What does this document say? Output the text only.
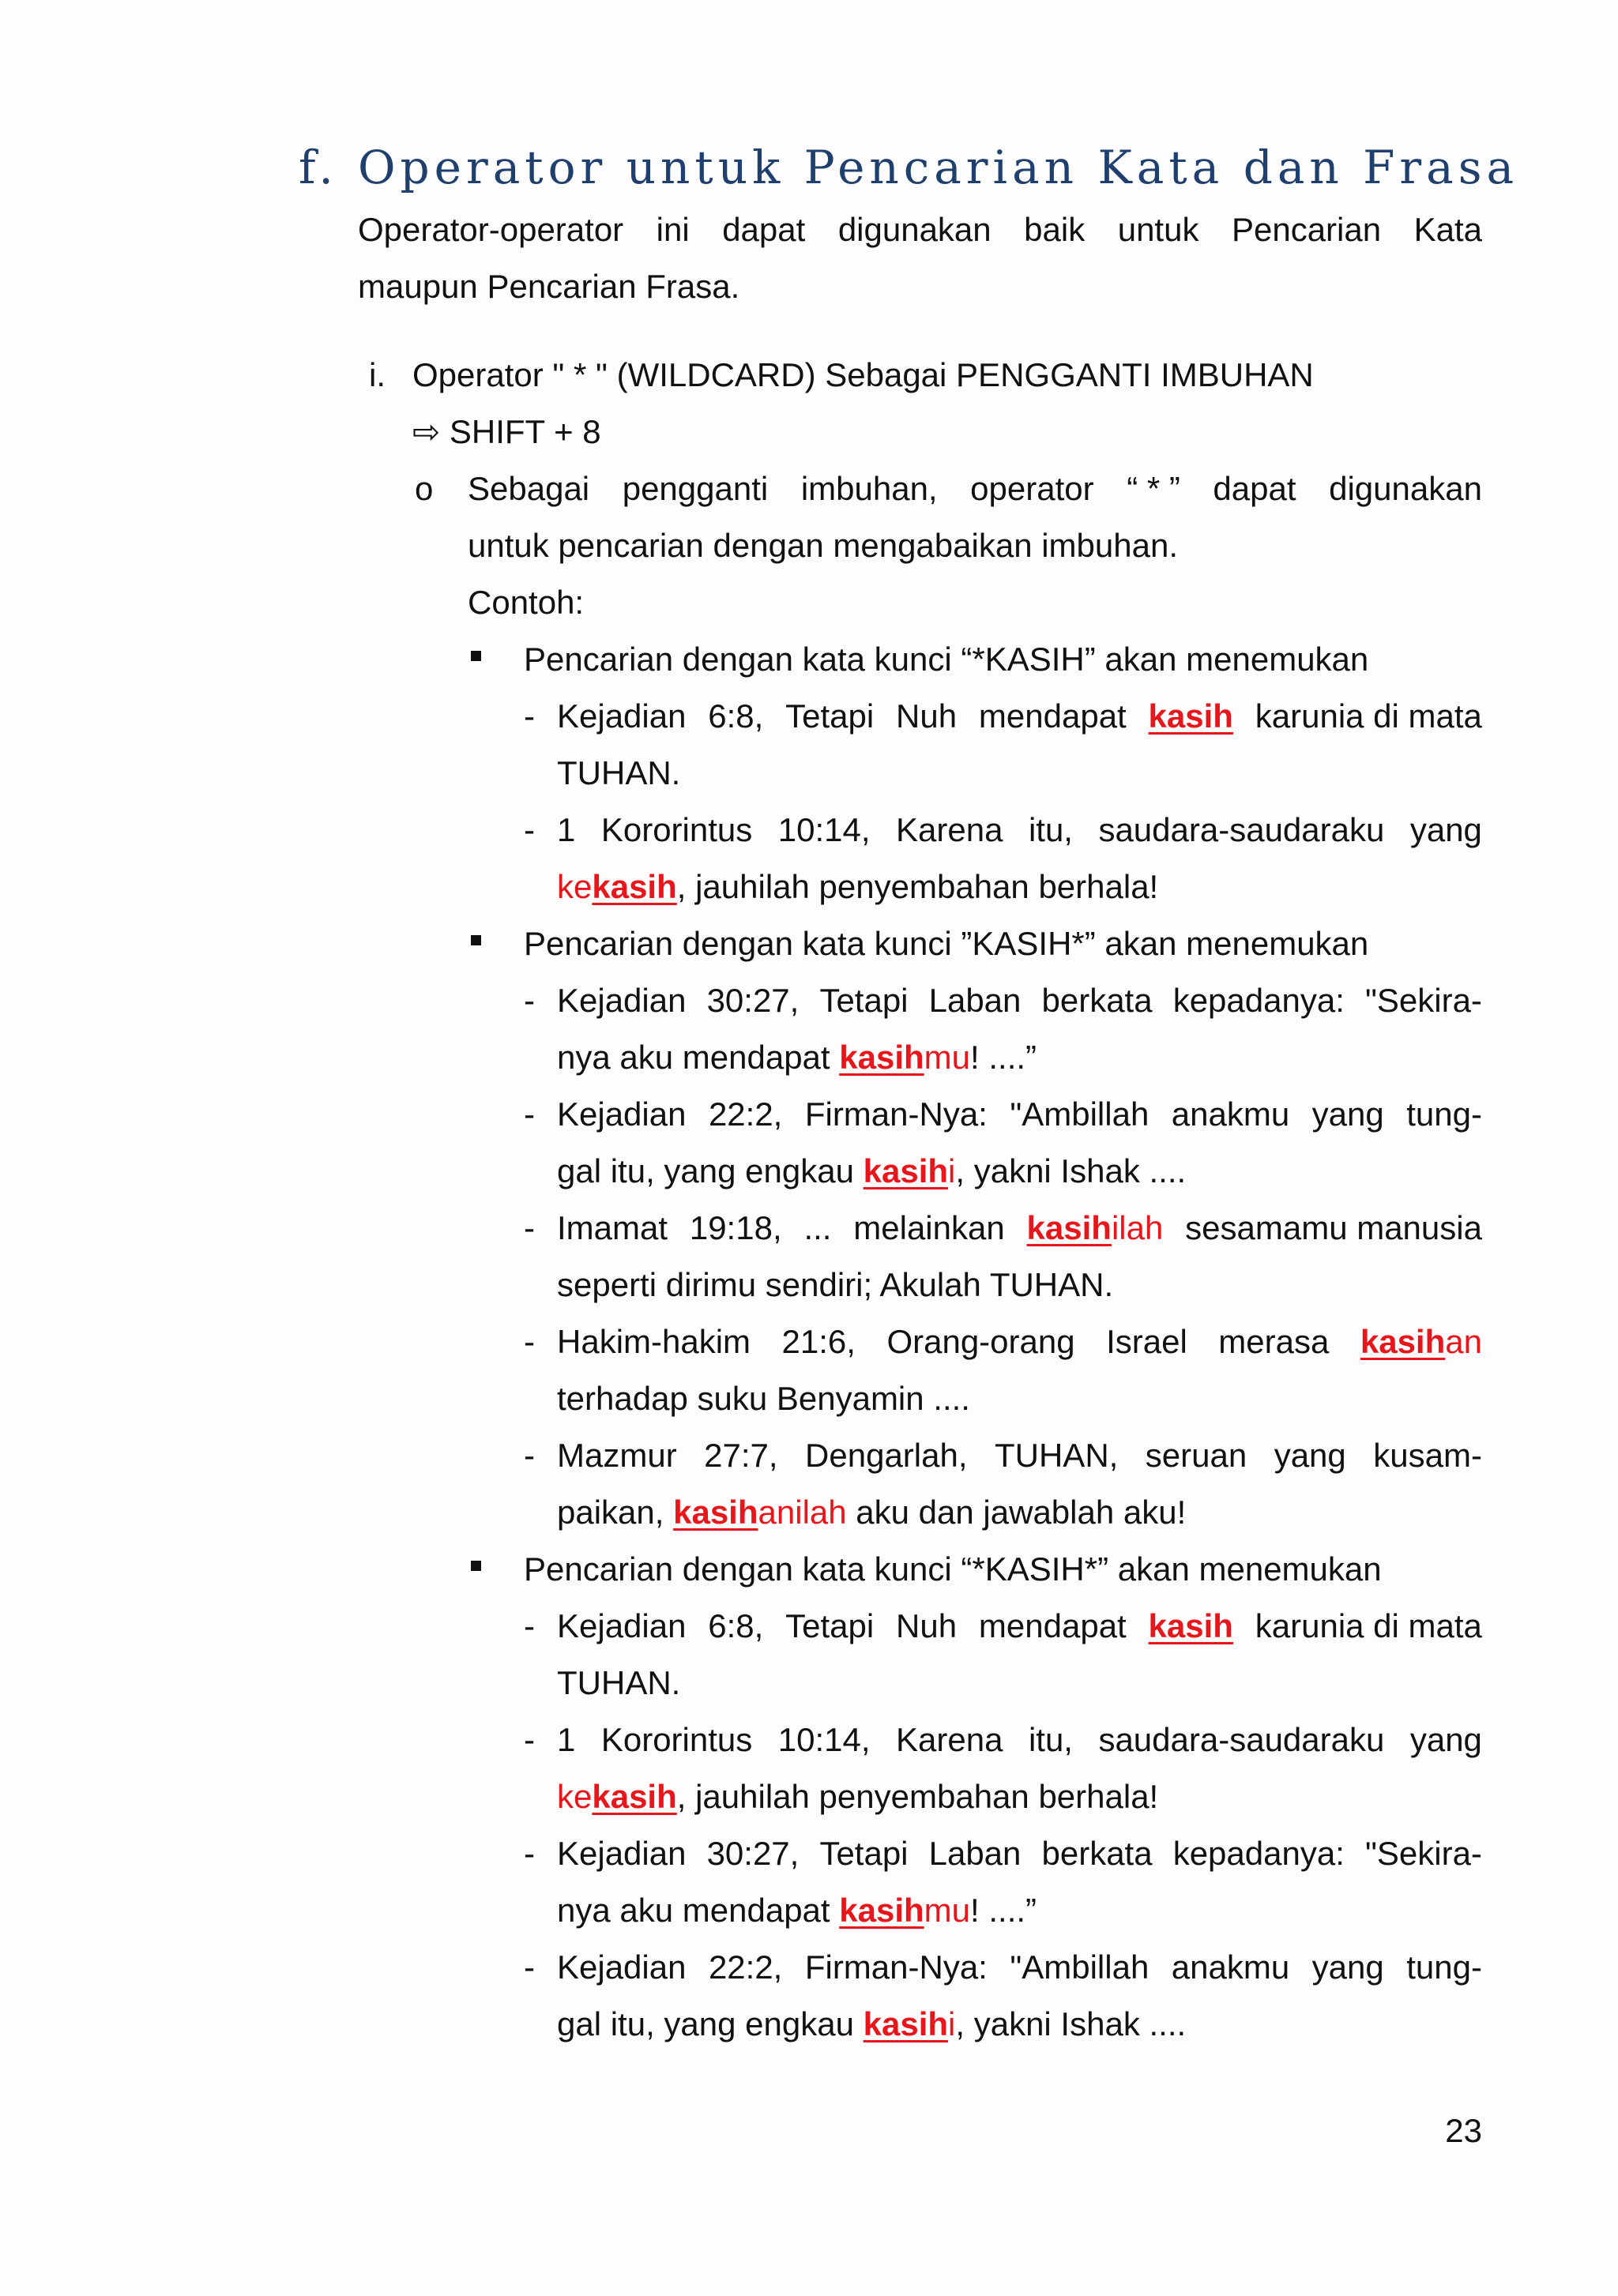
f. Operator untuk Pencarian Kata dan Frasa
Operator-operator ini dapat digunakan baik untuk Pencarian Kata
maupun Pencarian Frasa.
i. Operator " * " (WILDCARD) Sebagai PENGGANTI IMBUHAN
⇨ SHIFT + 8
o Sebagai pengganti imbuhan, operator “ * ” dapat digunakan
untuk pencarian dengan mengabaikan imbuhan.
Contoh:
Pencarian dengan kata kunci “*KASIH” akan menemukan
- Kejadian 6:8, Tetapi Nuh mendapat kasih karunia di mata
TUHAN.
- 1 Kororintus 10:14, Karena itu, saudara-saudaraku yang
kekasih, jauhilah penyembahan berhala!
Pencarian dengan kata kunci ”KASIH*” akan menemukan
- Kejadian 30:27, Tetapi Laban berkata kepadanya: "Sekira-
nya aku mendapat kasihmu! ....”
- Kejadian 22:2, Firman-Nya: "Ambillah anakmu yang tung-
gal itu, yang engkau kasihi, yakni Ishak ....
- Imamat 19:18, ... melainkan kasihilah sesamamu manusia
seperti dirimu sendiri; Akulah TUHAN.
- Hakim-hakim 21:6, Orang-orang Israel merasa kasihan
terhadap suku Benyamin ....
- Mazmur 27:7, Dengarlah, TUHAN, seruan yang kusam-
paikan, kasihanilah aku dan jawablah aku!
Pencarian dengan kata kunci “*KASIH*” akan menemukan
- Kejadian 6:8, Tetapi Nuh mendapat kasih karunia di mata
TUHAN.
- 1 Kororintus 10:14, Karena itu, saudara-saudaraku yang
kekasih, jauhilah penyembahan berhala!
- Kejadian 30:27, Tetapi Laban berkata kepadanya: "Sekira-
nya aku mendapat kasihmu! ....”
- Kejadian 22:2, Firman-Nya: "Ambillah anakmu yang tung-
gal itu, yang engkau kasihi, yakni Ishak ....
23
